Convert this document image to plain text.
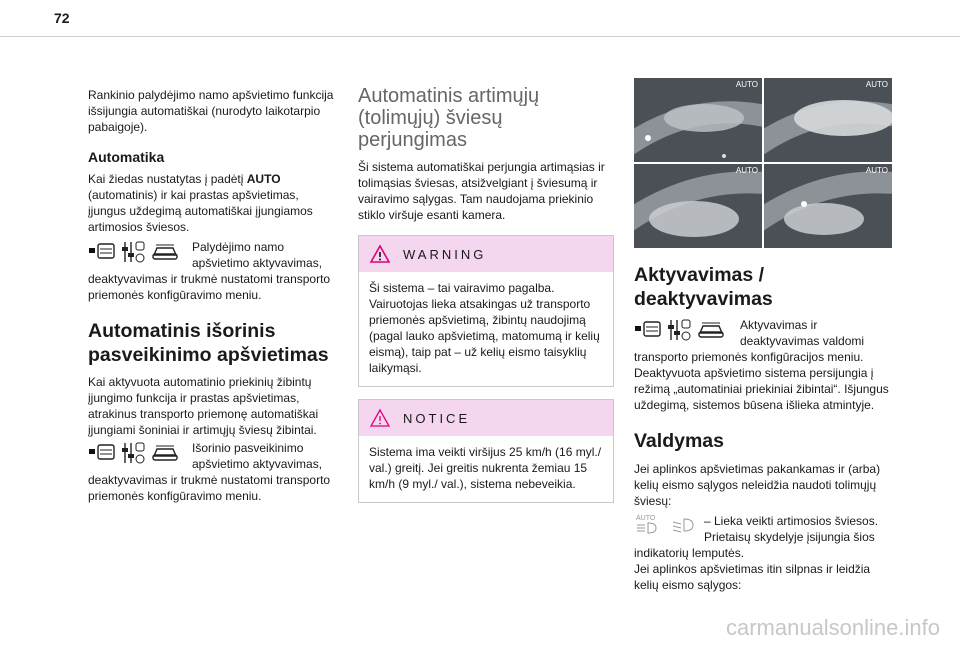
72

Rankinio palydėjimo namo apšvietimo funkcija išsijungia automatiškai (nurodyto laikotarpio pabaigoje).

Automatika

Kai žiedas nustatytas į padėtį AUTO (automatinis) ir kai prastas apšvietimas, įjungus uždegimą automatiškai įjungiamos artimosios šviesos.

Palydėjimo namo

apšvietimo aktyvavimas,

deaktyvavimas ir trukmė nustatomi transporto priemonės konfigūravimo meniu.

Automatinis išorinis pasveikinimo apšvietimas

Kai aktyvuota automatinio priekinių žibintų įjungimo funkcija ir prastas apšvietimas, atrakinus transporto priemonę automatiškai įjungiami šoniniai ir artimųjų šviesų žibintai.

Išorinio pasveikinimo

apšvietimo aktyvavimas,

deaktyvavimas ir trukmė nustatomi transporto priemonės konfigūravimo meniu.

Automatinis artimųjų (tolimųjų) šviesų perjungimas

Ši sistema automatiškai perjungia artimąsias ir tolimąsias šviesas, atsižvelgiant į šviesumą ir vairavimo sąlygas. Tam naudojama priekinio stiklo viršuje esanti kamera.

WARNING

Ši sistema – tai vairavimo pagalba. Vairuotojas lieka atsakingas už transporto priemonės apšvietimą, žibintų naudojimą (pagal lauko apšvietimą, matomumą ir kelių eismą), taip pat – už kelių eismo taisyklių laikymąsi.

NOTICE

Sistema ima veikti viršijus 25 km/h (16 myl./ val.) greitį. Jei greitis nukrenta žemiau 15 km/h (9 myl./ val.), sistema nebeveikia.

AUTO	AUTO
AUTO	AUTO
Aktyvavimas / deaktyvavimas

Aktyvavimas ir

deaktyvavimas valdomi

transporto priemonės konfigūracijos meniu. Deaktyvuota apšvietimo sistema persijungia į režimą „automatiniai priekiniai žibintai“. Išjungus uždegimą, sistemos būsena išlieka atmintyje.

Valdymas

Jei aplinkos apšvietimas pakankamas ir (arba) kelių eismo sąlygos neleidžia naudoti tolimųjų šviesų:

AUTO	– Lieka veikti artimosios šviesos.

Prietaisų skydelyje įsijungia šios

indikatorių lemputės.

Jei aplinkos apšvietimas itin silpnas ir leidžia kelių eismo sąlygos:

carmanualsonline.info
